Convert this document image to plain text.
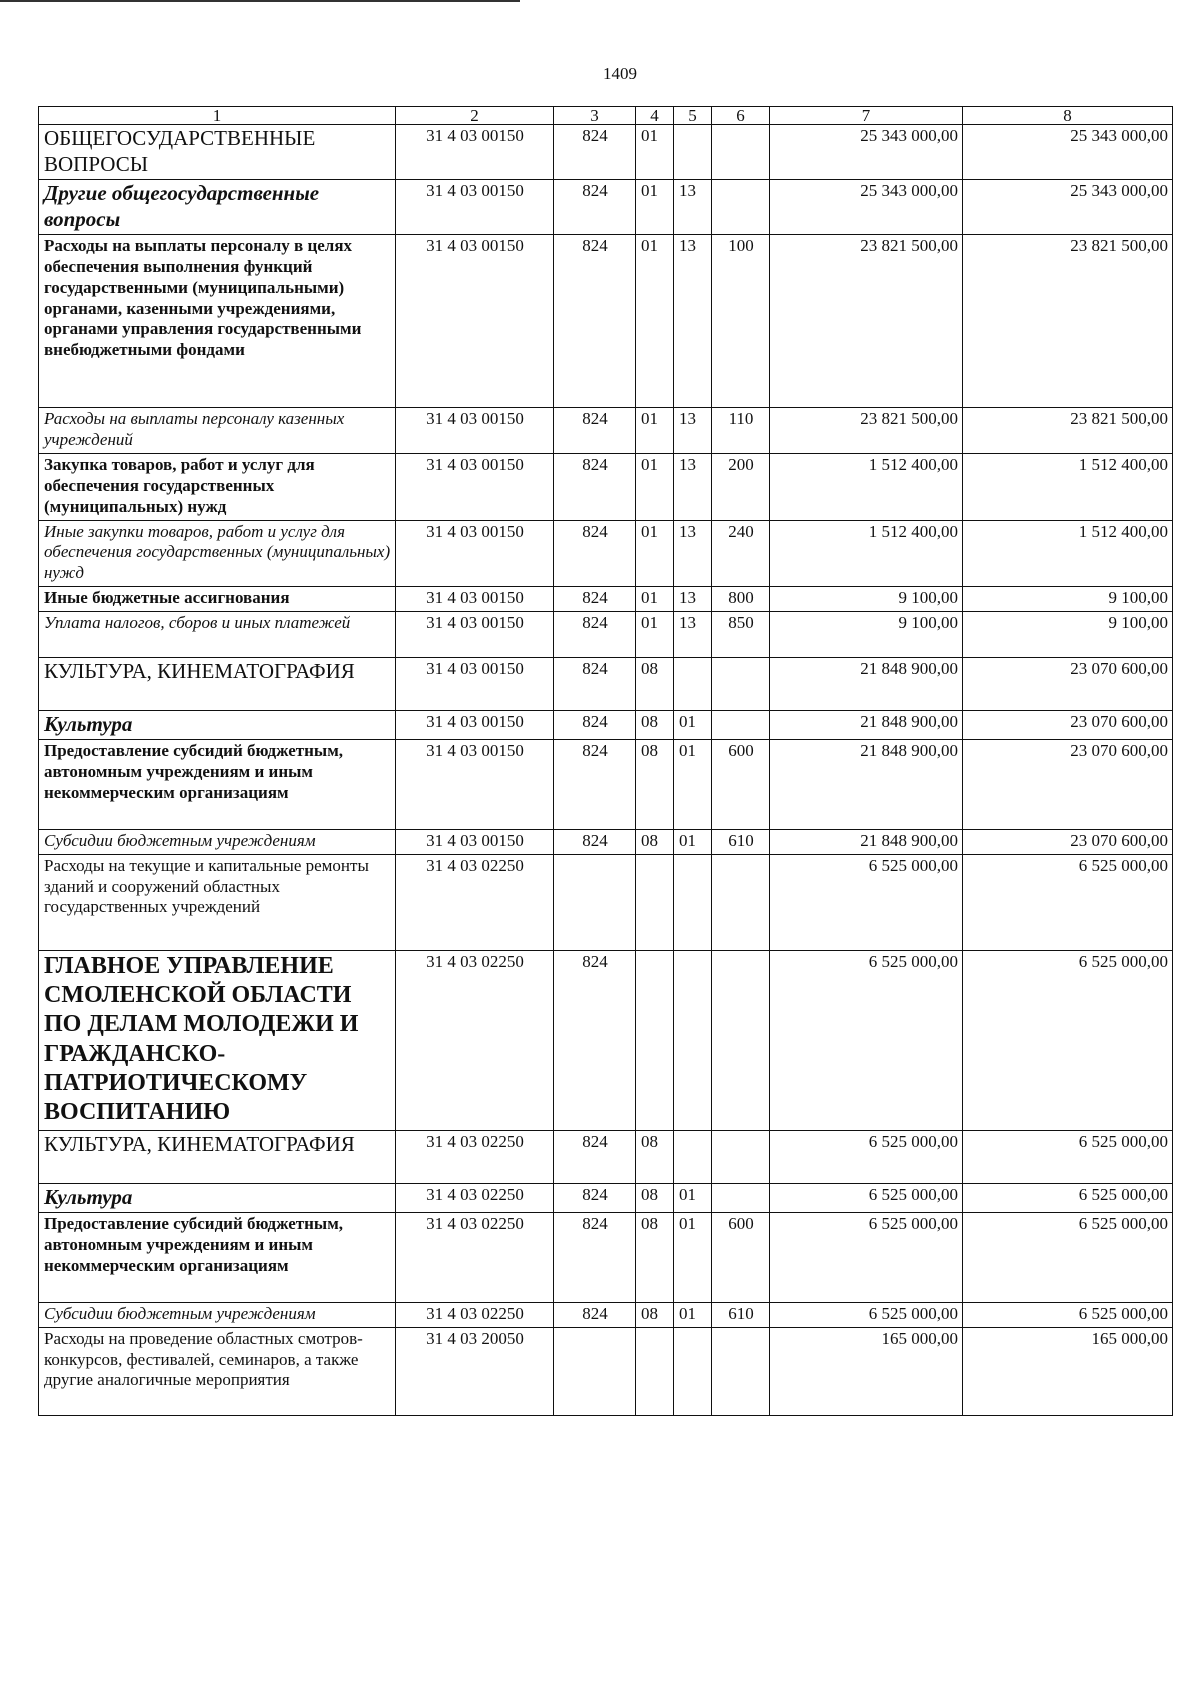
1409
1	2	3	4	5	6	7	8
ОБЩЕГОСУДАРСТВЕННЫЕ ВОПРОСЫ	31 4 03 00150	824	01			25 343 000,00	25 343 000,00
Другие общегосударственные вопросы	31 4 03 00150	824	01	13		25 343 000,00	25 343 000,00
Расходы на выплаты персоналу в целях обеспечения выполнения функций государственными (муниципальными) органами, казенными учреждениями, органами управления государственными внебюджетными фондами	31 4 03 00150	824	01	13	100	23 821 500,00	23 821 500,00
Расходы на выплаты персоналу казенных учреждений	31 4 03 00150	824	01	13	110	23 821 500,00	23 821 500,00
Закупка товаров, работ и услуг для обеспечения государственных (муниципальных) нужд	31 4 03 00150	824	01	13	200	1 512 400,00	1 512 400,00
Иные закупки товаров, работ и услуг для обеспечения государственных (муниципальных) нужд	31 4 03 00150	824	01	13	240	1 512 400,00	1 512 400,00
Иные бюджетные ассигнования	31 4 03 00150	824	01	13	800	9 100,00	9 100,00
Уплата налогов, сборов и иных платежей	31 4 03 00150	824	01	13	850	9 100,00	9 100,00
КУЛЬТУРА, КИНЕМАТОГРАФИЯ	31 4 03 00150	824	08			21 848 900,00	23 070 600,00
Культура	31 4 03 00150	824	08	01		21 848 900,00	23 070 600,00
Предоставление субсидий бюджетным, автономным учреждениям и иным некоммерческим организациям	31 4 03 00150	824	08	01	600	21 848 900,00	23 070 600,00
Субсидии бюджетным учреждениям	31 4 03 00150	824	08	01	610	21 848 900,00	23 070 600,00
Расходы на текущие и капитальные ремонты зданий и сооружений областных государственных учреждений	31 4 03 02250					6 525 000,00	6 525 000,00
ГЛАВНОЕ УПРАВЛЕНИЕ СМОЛЕНСКОЙ ОБЛАСТИ ПО ДЕЛАМ МОЛОДЕЖИ И ГРАЖДАНСКО-ПАТРИОТИЧЕСКОМУ ВОСПИТАНИЮ	31 4 03 02250	824				6 525 000,00	6 525 000,00
КУЛЬТУРА, КИНЕМАТОГРАФИЯ	31 4 03 02250	824	08			6 525 000,00	6 525 000,00
Культура	31 4 03 02250	824	08	01		6 525 000,00	6 525 000,00
Предоставление субсидий бюджетным, автономным учреждениям и иным некоммерческим организациям	31 4 03 02250	824	08	01	600	6 525 000,00	6 525 000,00
Субсидии бюджетным учреждениям	31 4 03 02250	824	08	01	610	6 525 000,00	6 525 000,00
Расходы на проведение областных смотров-конкурсов, фестивалей, семинаров, а также другие аналогичные мероприятия	31 4 03 20050					165 000,00	165 000,00
